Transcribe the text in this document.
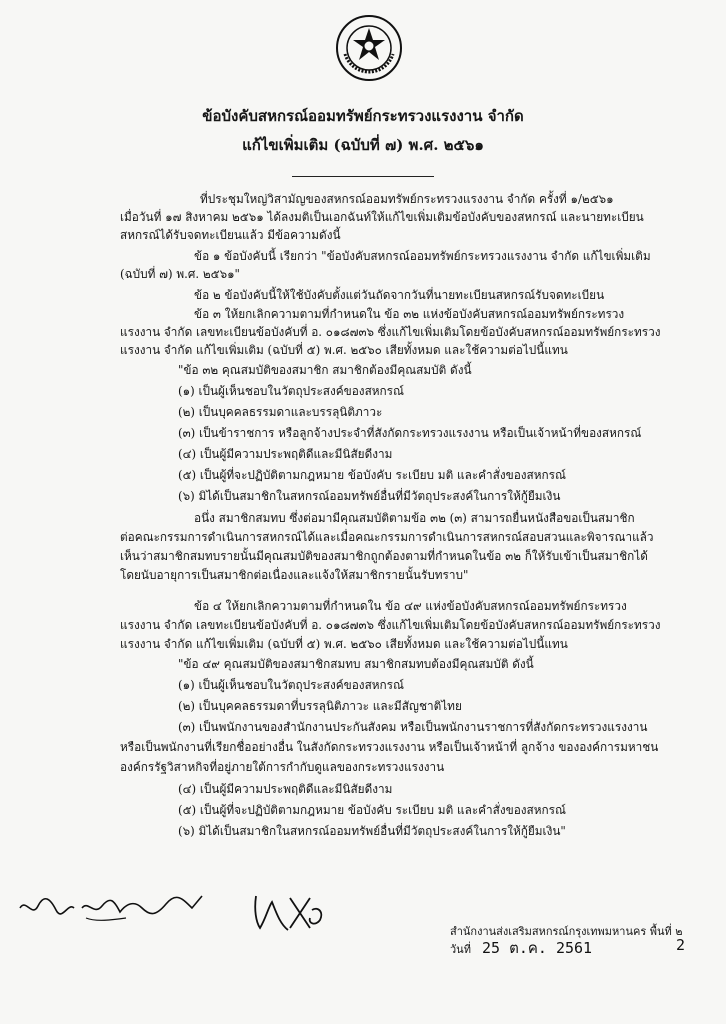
ข้อบังคับสหกรณ์ออมทรัพย์กระทรวงแรงงาน จำกัด
แก้ไขเพิ่มเติม (ฉบับที่ ๗) พ.ศ. ๒๕๖๑
ที่ประชุมใหญ่วิสามัญของสหกรณ์ออมทรัพย์กระทรวงแรงงาน จำกัด ครั้งที่ ๑/๒๕๖๑
เมื่อวันที่ ๑๗ สิงหาคม ๒๕๖๑ ได้ลงมติเป็นเอกฉันท์ให้แก้ไขเพิ่มเติมข้อบังคับของสหกรณ์ และนายทะเบียน
สหกรณ์ได้รับจดทะเบียนแล้ว มีข้อความดังนี้
ข้อ ๑ ข้อบังคับนี้ เรียกว่า "ข้อบังคับสหกรณ์ออมทรัพย์กระทรวงแรงงาน จำกัด แก้ไขเพิ่มเติม
(ฉบับที่ ๗) พ.ศ. ๒๕๖๑"
ข้อ ๒ ข้อบังคับนี้ให้ใช้บังคับตั้งแต่วันถัดจากวันที่นายทะเบียนสหกรณ์รับจดทะเบียน
ข้อ ๓ ให้ยกเลิกความตามที่กำหนดใน ข้อ ๓๒ แห่งข้อบังคับสหกรณ์ออมทรัพย์กระทรวง
แรงงาน จำกัด เลขทะเบียนข้อบังคับที่ อ. ๐๑๘๗๓๖ ซึ่งแก้ไขเพิ่มเติมโดยข้อบังคับสหกรณ์ออมทรัพย์กระทรวง
แรงงาน จำกัด แก้ไขเพิ่มเติม (ฉบับที่ ๕) พ.ศ. ๒๕๖๐ เสียทั้งหมด และใช้ความต่อไปนี้แทน
"ข้อ ๓๒ คุณสมบัติของสมาชิก สมาชิกต้องมีคุณสมบัติ ดังนี้
(๑) เป็นผู้เห็นชอบในวัตถุประสงค์ของสหกรณ์
(๒) เป็นบุคคลธรรมดาและบรรลุนิติภาวะ
(๓) เป็นข้าราชการ หรือลูกจ้างประจำที่สังกัดกระทรวงแรงงาน หรือเป็นเจ้าหน้าที่ของสหกรณ์
(๔) เป็นผู้มีความประพฤติดีและมีนิสัยดีงาม
(๕) เป็นผู้ที่จะปฏิบัติตามกฎหมาย ข้อบังคับ ระเบียบ มติ และคำสั่งของสหกรณ์
(๖) มิได้เป็นสมาชิกในสหกรณ์ออมทรัพย์อื่นที่มีวัตถุประสงค์ในการให้กู้ยืมเงิน
อนึ่ง สมาชิกสมทบ ซึ่งต่อมามีคุณสมบัติตามข้อ ๓๒ (๓) สามารถยื่นหนังสือขอเป็นสมาชิก
ต่อคณะกรรมการดำเนินการสหกรณ์ได้และเมื่อคณะกรรมการดำเนินการสหกรณ์สอบสวนและพิจารณาแล้ว
เห็นว่าสมาชิกสมทบรายนั้นมีคุณสมบัติของสมาชิกถูกต้องตามที่กำหนดในข้อ ๓๒ ก็ให้รับเข้าเป็นสมาชิกได้
โดยนับอายุการเป็นสมาชิกต่อเนื่องและแจ้งให้สมาชิกรายนั้นรับทราบ"
ข้อ ๔ ให้ยกเลิกความตามที่กำหนดใน ข้อ ๔๙ แห่งข้อบังคับสหกรณ์ออมทรัพย์กระทรวง
แรงงาน จำกัด เลขทะเบียนข้อบังคับที่ อ. ๐๑๘๗๓๖ ซึ่งแก้ไขเพิ่มเติมโดยข้อบังคับสหกรณ์ออมทรัพย์กระทรวง
แรงงาน จำกัด แก้ไขเพิ่มเติม (ฉบับที่ ๕) พ.ศ. ๒๕๖๐ เสียทั้งหมด และใช้ความต่อไปนี้แทน
"ข้อ ๔๙ คุณสมบัติของสมาชิกสมทบ สมาชิกสมทบต้องมีคุณสมบัติ ดังนี้
(๑) เป็นผู้เห็นชอบในวัตถุประสงค์ของสหกรณ์
(๒) เป็นบุคคลธรรมดาที่บรรลุนิติภาวะ และมีสัญชาติไทย
(๓) เป็นพนักงานของสำนักงานประกันสังคม หรือเป็นพนักงานราชการที่สังกัดกระทรวงแรงงาน
หรือเป็นพนักงานที่เรียกชื่ออย่างอื่น ในสังกัดกระทรวงแรงงาน หรือเป็นเจ้าหน้าที่ ลูกจ้าง ขององค์การมหาชน
องค์กรรัฐวิสาหกิจที่อยู่ภายใต้การกำกับดูแลของกระทรวงแรงงาน
(๔) เป็นผู้มีความประพฤติดีและมีนิสัยดีงาม
(๕) เป็นผู้ที่จะปฏิบัติตามกฎหมาย ข้อบังคับ ระเบียบ มติ และคำสั่งของสหกรณ์
(๖) มิได้เป็นสมาชิกในสหกรณ์ออมทรัพย์อื่นที่มีวัตถุประสงค์ในการให้กู้ยืมเงิน"
สำนักงานส่งเสริมสหกรณ์กรุงเทพมหานคร พื้นที่ ๒
วันที่ 25 ต.ค. 2561	2
